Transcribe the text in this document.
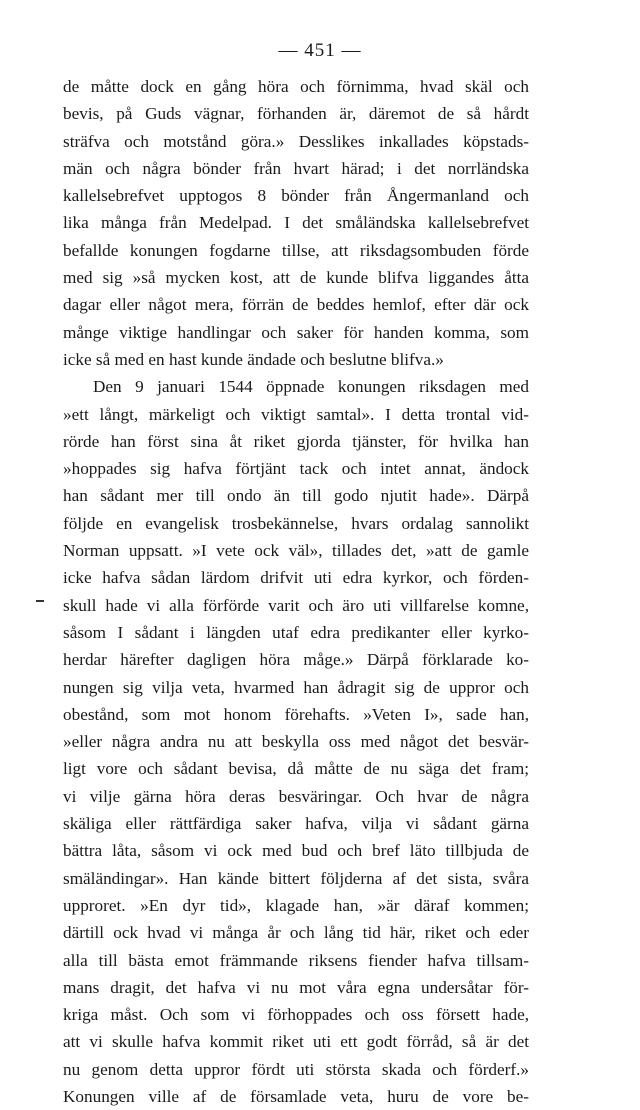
— 451 —
de måtte dock en gång höra och förnimma, hvad skäl och
bevis, på Guds vägnar, förhanden är, däremot de så hårdt
sträfva och motstånd göra.» Desslikes inkallades köpstads-
män och några bönder från hvart härad; i det norrländska
kallelsebrefvet upptogos 8 bönder från Ångermanland och
lika många från Medelpad. I det småländska kallelsebrefvet
befallde konungen fogdarne tillse, att riksdagsombuden förde
med sig »så mycken kost, att de kunde blifva liggandes åtta
dagar eller något mera, förrän de beddes hemlof, efter där ock
månge viktige handlingar och saker för handen komma, som
icke så med en hast kunde ändade och beslutne blifva.»
Den 9 januari 1544 öppnade konungen riksdagen med
»ett långt, märkeligt och viktigt samtal». I detta trontal vid-
rörde han först sina åt riket gjorda tjänster, för hvilka han
»hoppades sig hafva förtjänt tack och intet annat, ändock
han sådant mer till ondo än till godo njutit hade». Därpå
följde en evangelisk trosbekännelse, hvars ordalag sannolikt
Norman uppsatt. »I vete ock väl», tillades det, »att de gamle
icke hafva sådan lärdom drifvit uti edra kyrkor, och förden-
skull hade vi alla förförde varit och äro uti villfarelse komne,
såsom I sådant i längden utaf edra predikanter eller kyrko-
herdar härefter dagligen höra måge.» Därpå förklarade ko-
nungen sig vilja veta, hvarmed han ådragit sig de uppror och
obestånd, som mot honom förehafts. »Veten I», sade han,
»eller några andra nu att beskylla oss med något det besvär-
ligt vore och sådant bevisa, då måtte de nu säga det fram;
vi vilje gärna höra deras besväringar. Och hvar de några
skäliga eller rättfärdiga saker hafva, vilja vi sådant gärna
bättra låta, såsom vi ock med bud och bref läto tillbjuda de
smäländingar». Han kände bittert följderna af det sista, svåra
upproret. »En dyr tid», klagade han, »är däraf kommen;
därtill ock hvad vi många år och lång tid här, riket och eder
alla till bästa emot främmande riksens fiender hafva tillsam-
mans dragit, det hafva vi nu mot våra egna undersåtar för-
kriga måst. Och som vi förhoppades och oss försett hade,
att vi skulle hafva kommit riket uti ett godt förråd, så är det
nu genom detta uppror fördt uti största skada och förderf.»
Konungen ville af de församlade veta, huru de vore be-
